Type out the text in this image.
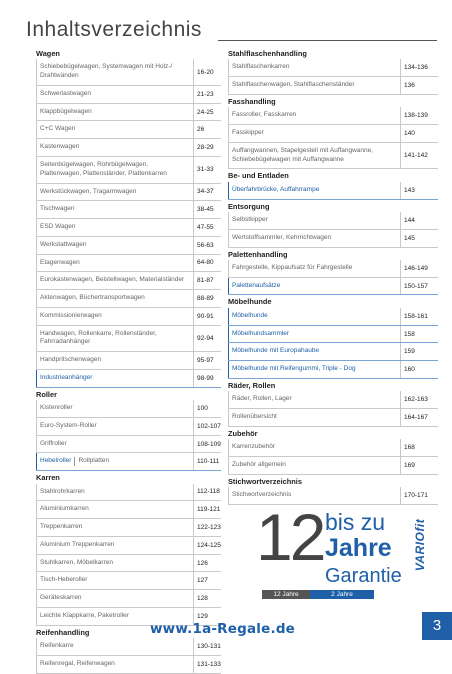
Inhaltsverzeichnis
Wagen
Schiebebügelwagen, Systemwagen mit Holz-/ Drahtwänden	16-20
Schwerlastwagen	21-23
Klappbügelwagen	24-25
C+C Wagen	26
Kastenwagen	28-29
Seitenbügelwagen, Rohrbügelwagen, Plattenwagen, Plattenständer, Plattenkarren	31-33
Werkstückwagen, Tragarmwagen	34-37
Tischwagen	38-45
ESD Wagen	47-55
Werkstattwagen	56-63
Etagenwagen	64-80
Eurokastenwagen, Beistellwagen, Materialständer	81-87
Aktenwagen, Büchertransportwagen	88-89
Kommissionierwagen	90-91
Handwagen, Rollenkarre, Rollenständer, Fahrradanhänger	92-94
Handpritschenwagen	95-97
Industrieanhänger	98-99
Roller
Kistenroller	100
Euro-System-Roller	102-107
Griffroller	108-109
Hebelroller Rollplatten	110-111
Karren
Stahlrohrkarren	112-118
Aluminiumkarren	119-121
Treppenkarren	122-123
Aluminium Treppenkarren	124-125
Stuhlkarren, Möbelkarren	126
Tisch-Heberoller	127
Geräteskarren	128
Leichte Klappkarre, Paketroller	129
Reifenhandling
Reifenkarre	130-131
Reifenregal, Reifenwagen	131-133
Stahlflaschenhandling
Stahlflaschenkarren	134-136
Stahlflaschenwagen, Stahlflaschenständer	136
Fasshandling
Fassroller, Fasskarren	138-139
Fasskipper	140
Auffangwannen, Stapelgestell mit Auffangwanne, Schiebebügelwagen mit Auffangwanne	141-142
Be- und Entladen
Überfahrbrücke, Auffahrrampe	143
Entsorgung
Selbstkipper	144
Wertstoffsammler, Kehrrichtwagen	145
Palettenhandling
Fahrgestelle, Kippaufsatz für Fahrgestelle	146-149
Palettenaufsätze	150-157
Möbelhunde
Möbelhunde	158-161
Möbelhundsammler	158
Möbelhunde mit Europahaube	159
Möbelhunde mit Reifengummi, Triple - Dog	160
Räder, Rollen
Räder, Rollen, Lager	162-163
Rollenübersicht	164-167
Zubehör
Karrenzubehör	168
Zubehör allgemein	169
Stichwortverzeichnis
Stichwortverzeichnis	170-171
12 bis zu
Jahre
Garantie
12 Jahre	2 Jahre
VARIOfit
www.1a-Regale.de	3
